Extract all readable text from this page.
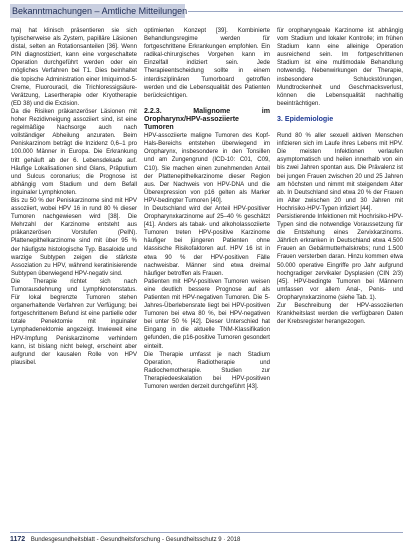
Bekanntmachungen – Amtliche Mitteilungen

ma) hat klinisch präsentieren sie sich typischerweise als Zystem, papilläre Läsionen distal, selten an Rotationsanteilen [36]. Wenn PIN diagnostiziert, kann eine vorgeschaltete Operation durchgeführt werden oder ein mögliches Verfahren bei T1. Dies beinhaltet die topische Administration einer Imiquimod-5-Creme, Fluorouracil, die Trichloressigsäure-Verätzung, Lasertherapie oder Kryotherapie (ED 38) und die Exzision.

Da die Risiken präkanzeröser Läsionen mit hoher Rezidivneigung assoziiert sind, ist eine regelmäßige Nachsorge auch nach vollständiger Abheilung anzuraten. Beim Peniskarzinom beträgt die Inzidenz 0,6–1 pro 100.000 Männer in Europa. Die Erkrankung tritt gehäuft ab der 6. Lebensdekade auf. Häufige Lokalisationen sind Glans, Präputium und Sulcus coronarius; die Prognose ist abhängig vom Stadium und dem Befall inguinaler Lymphknoten.

Bis zu 50 % der Peniskarzinome sind mit HPV assoziiert, wobei HPV 16 in rund 80 % dieser Tumoren nachgewiesen wird [38]. Die Mehrzahl der Karzinome entsteht aus präkanzerösen Vorstufen (PeIN). Plattenepithelkarzinome sind mit über 95 % der häufigste histologische Typ. Basaloide und warzige Subtypen zeigen die stärkste Assoziation zu HPV, während keratinisierende Subtypen überwiegend HPV-negativ sind.

Die Therapie richtet sich nach Tumorausdehnung und Lymphknotenstatus. Für lokal begrenzte Tumoren stehen organerhaltende Verfahren zur Verfügung; bei fortgeschrittenem Befund ist eine partielle oder totale Penektomie mit inguinaler Lymphadenektomie angezeigt. Inwieweit eine HPV-Impfung Peniskarzinome verhindern kann, ist bislang nicht belegt, erscheint aber aufgrund der kausalen Rolle von HPV plausibel.

optimierten Konzept [39]. Kombinierte Behandlungsregime werden für fortgeschrittene Erkrankungen empfohlen. Ein radikal-chirurgisches Vorgehen kann im Einzelfall indiziert sein. Jede Therapieentscheidung sollte in einem interdisziplinären Tumorboard getroffen werden und die Lebensqualität des Patienten berücksichtigen.

2.2.3. Malignome im Oropharynx/HPV-assoziierte Tumoren

HPV-assoziierte maligne Tumoren des Kopf-Hals-Bereichs entstehen überwiegend im Oropharynx, insbesondere in den Tonsillen und am Zungengrund (ICD-10: C01, C09, C10). Sie machen einen zunehmenden Anteil der Plattenepithelkarzinome dieser Region aus. Der Nachweis von HPV-DNA und die Überexpression von p16 gelten als Marker HPV-bedingter Tumoren [40].

In Deutschland wird der Anteil HPV-positiver Oropharynxkarzinome auf 25–40 % geschätzt [41]. Anders als tabak- und alkoholassoziierte Tumoren treten HPV-positive Karzinome häufiger bei jüngeren Patienten ohne klassische Risikofaktoren auf. HPV 16 ist in etwa 90 % der HPV-positiven Fälle nachweisbar. Männer sind etwa dreimal häufiger betroffen als Frauen.

Patienten mit HPV-positiven Tumoren weisen eine deutlich bessere Prognose auf als Patienten mit HPV-negativen Tumoren. Die 5-Jahres-Überlebensrate liegt bei HPV-positiven Tumoren bei etwa 80 %, bei HPV-negativen bei unter 50 % [42]. Dieser Unterschied hat Eingang in die aktuelle TNM-Klassifikation gefunden, die p16-positive Tumoren gesondert einteilt.

Die Therapie umfasst je nach Stadium Operation, Radiotherapie und Radiochemotherapie. Studien zur Therapiedeeskalation bei HPV-positiven Tumoren werden derzeit durchgeführt [43].

für oropharyngeale Karzinome ist abhängig vom Stadium und lokaler Kontrolle; im frühen Stadium kann eine alleinige Operation ausreichend sein. Im fortgeschrittenen Stadium ist eine multimodale Behandlung notwendig. Nebenwirkungen der Therapie, insbesondere Schluckstörungen, Mundtrockenheit und Geschmacksverlust, können die Lebensqualität nachhaltig beeinträchtigen.

3. Epidemiologie

Rund 80 % aller sexuell aktiven Menschen infizieren sich im Laufe ihres Lebens mit HPV. Die meisten Infektionen verlaufen asymptomatisch und heilen innerhalb von ein bis zwei Jahren spontan aus. Die Prävalenz ist bei jungen Frauen zwischen 20 und 25 Jahren am höchsten und nimmt mit steigendem Alter ab. In Deutschland sind etwa 20 % der Frauen im Alter zwischen 20 und 30 Jahren mit Hochrisiko-HPV-Typen infiziert [44].

Persistierende Infektionen mit Hochrisiko-HPV-Typen sind die notwendige Voraussetzung für die Entstehung eines Zervixkarzinoms. Jährlich erkranken in Deutschland etwa 4.500 Frauen an Gebärmutterhalskrebs; rund 1.500 Frauen versterben daran. Hinzu kommen etwa 50.000 operative Eingriffe pro Jahr aufgrund hochgradiger zervikaler Dysplasien (CIN 2/3) [45]. HPV-bedingte Tumoren bei Männern umfassen vor allem Anal-, Penis- und Oropharynxkarzinome (siehe Tab. 1).

Zur Beschreibung der HPV-assoziierten Krankheitslast werden die verfügbaren Daten der Krebsregister herangezogen.

1172 Bundesgesundheitsblatt - Gesundheitsforschung - Gesundheitsschutz 9 · 2018
